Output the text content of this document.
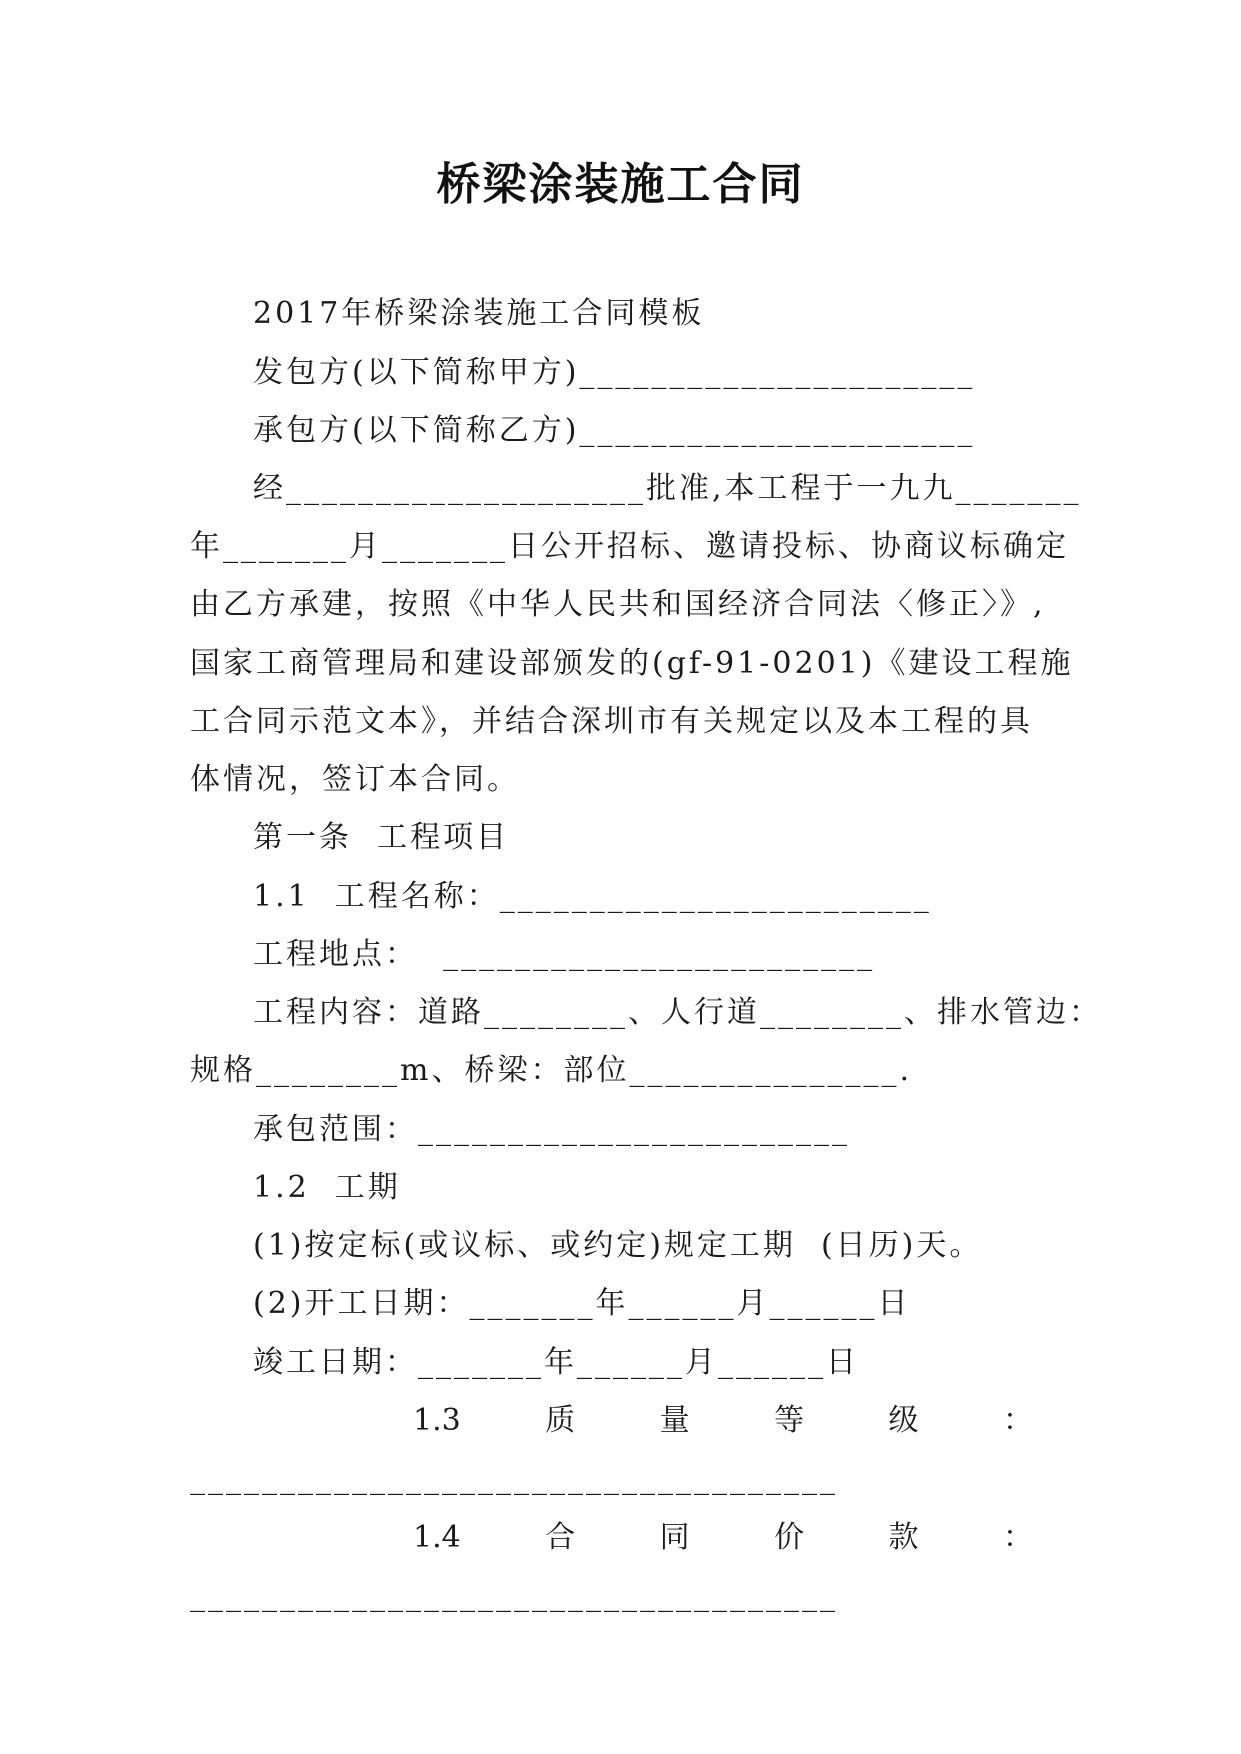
桥梁涂装施工合同
2017年桥梁涂装施工合同模板
发包方(以下简称甲方)______________________
承包方(以下简称乙方)______________________
经____________________批准,本工程于一九九_______
年_______月_______日公开招标、邀请投标、协商议标确定
由乙方承建，按照《中华人民共和国经济合同法〈修正〉》,
国家工商管理局和建设部颁发的(gf-91-0201)《建设工程施
工合同示范文本》，并结合深圳市有关规定以及本工程的具
体情况，签订本合同。
第一条  工程项目
1.1  工程名称：________________________
工程地点：  ________________________
工程内容：道路________、人行道________、排水管边：
规格________m、桥梁：部位_______________.
承包范围：________________________
1.2  工期
(1)按定标(或议标、或约定)规定工期  (日历)天。
(2)开工日期：_______年______月______日
竣工日期：_______年______月______日
1.3	质	量	等	级	：
____________________________________
1.4	合	同	价	款	：
____________________________________
